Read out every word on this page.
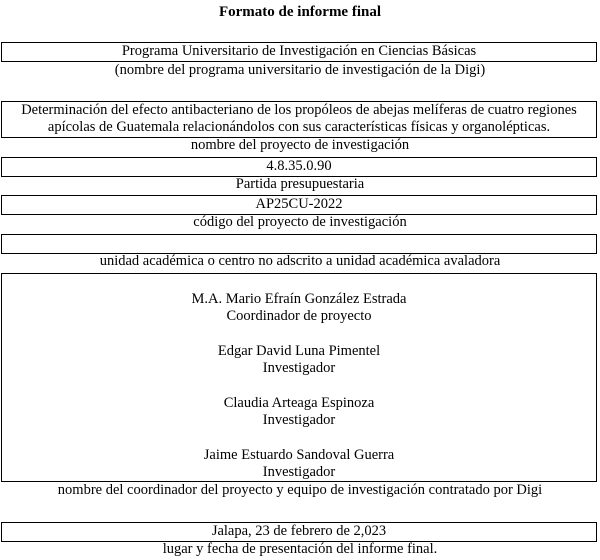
Formato de informe final
Programa Universitario de Investigación en Ciencias Básicas
(nombre del programa universitario de investigación de la Digi)
Determinación del efecto antibacteriano de los propóleos de abejas melíferas de cuatro regiones
apícolas de Guatemala relacionándolos con sus características físicas y organolépticas.
nombre del proyecto de investigación
4.8.35.0.90
Partida presupuestaria
AP25CU-2022
código del proyecto de investigación
unidad académica o centro no adscrito a unidad académica avaladora
M.A. Mario Efraín González Estrada
Coordinador de proyecto
Edgar David Luna Pimentel
Investigador
Claudia Arteaga Espinoza
Investigador
Jaime Estuardo Sandoval Guerra
Investigador
nombre del coordinador del proyecto y equipo de investigación contratado por Digi
Jalapa, 23 de febrero de 2,023
lugar y fecha de presentación del informe final.
